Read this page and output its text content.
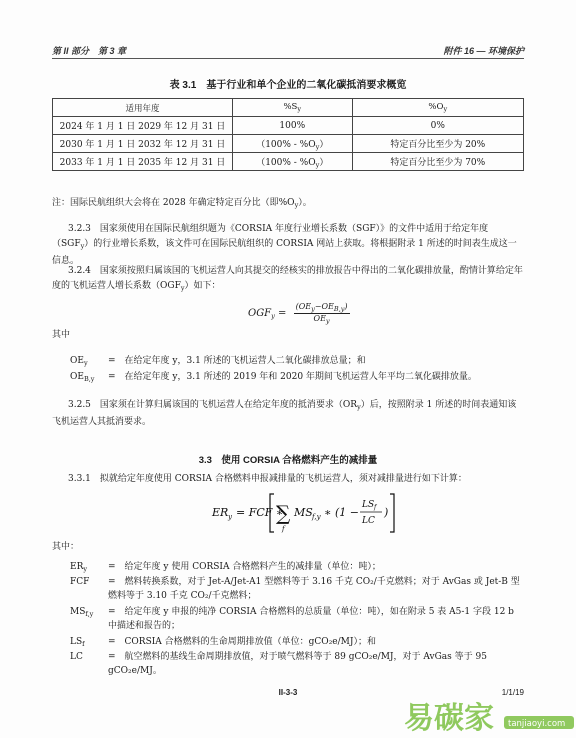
第 II 部分　第 3 章	附件 16 — 环境保护
表 3.1　基于行业和单个企业的二氧化碳抵消要求概览
适用年度	$\%S_y$	$\%O_y$
2024 年 1 月 1 日 2029 年 12 月 31 日	100%	0%
2030 年 1 月 1 日 2032 年 12 月 31 日	$(100\% - \%O_y)$	特定百分比至少为 20%
2033 年 1 月 1 日 2035 年 12 月 31 日	$(100\% - \%O_y)$	特定百分比至少为 70%
注：国际民航组织大会将在 2028 年确定特定百分比（即$\%O_y$）。
3.2.3　国家须使用在国际民航组织题为《CORSIA 年度行业增长系数（SGF）》的文件中适用于给定年度$(SGF_y)$的行业增长系数，该文件可在国际民航组织的 CORSIA 网站上获取。将根据附录 1 所述的时间表生成这一信息。
3.2.4　国家须按照归属该国的飞机运营人向其提交的经核实的排放报告中得出的二氧化碳排放量，酌情计算给定年度的飞机运营人增长系数$(OGF_y)$如下：
$OGF_y = \frac{(OE_y-OE_{B,y})}{OE_y}$
其中
$OE_y$	=　在给定年度 y，3.1 所述的飞机运营人二氧化碳排放总量；和
$OE_{B,y}$	=　在给定年度 y，3.1 所述的 2019 年和 2020 年期间飞机运营人年平均二氧化碳排放量。
3.2.5　国家须在计算归属该国的飞机运营人在给定年度的抵消要求$(OR_y)$后，按照附录 1 所述的时间表通知该飞机运营人其抵消要求。
3.3　使用 CORSIA 合格燃料产生的减排量
3.3.1　拟就给定年度使用 CORSIA 合格燃料申报减排量的飞机运营人，须对减排量进行如下计算：
ER y = FCF ∗
∑
f
MS f,y ∗ (1 −
LS f
LC
)
其中：
$ER_y$	=　给定年度 y 使用 CORSIA 合格燃料产生的减排量（单位：吨）；
FCF	=　燃料转换系数，对于 Jet-A/Jet-A1 型燃料等于 3.16 千克 CO₂/千克燃料；对于 AvGas 或 Jet-B 型燃料等于 3.10 千克 CO₂/千克燃料；
$MS_{f,y}$	=　给定年度 y 申报的纯净 CORSIA 合格燃料的总质量（单位：吨），如在附录 5 表 A5-1 字段 12 b 中描述和报告的；
$LS_f$	=　CORSIA 合格燃料的生命周期排放值（单位：gCO₂e/MJ）；和
LC	=　航空燃料的基线生命周期排放值，对于喷气燃料等于 89 gCO₂e/MJ，对于 AvGas 等于 95 gCO₂e/MJ。
II-3-3	1/1/19
易碳家 tanjiaoyi.com
